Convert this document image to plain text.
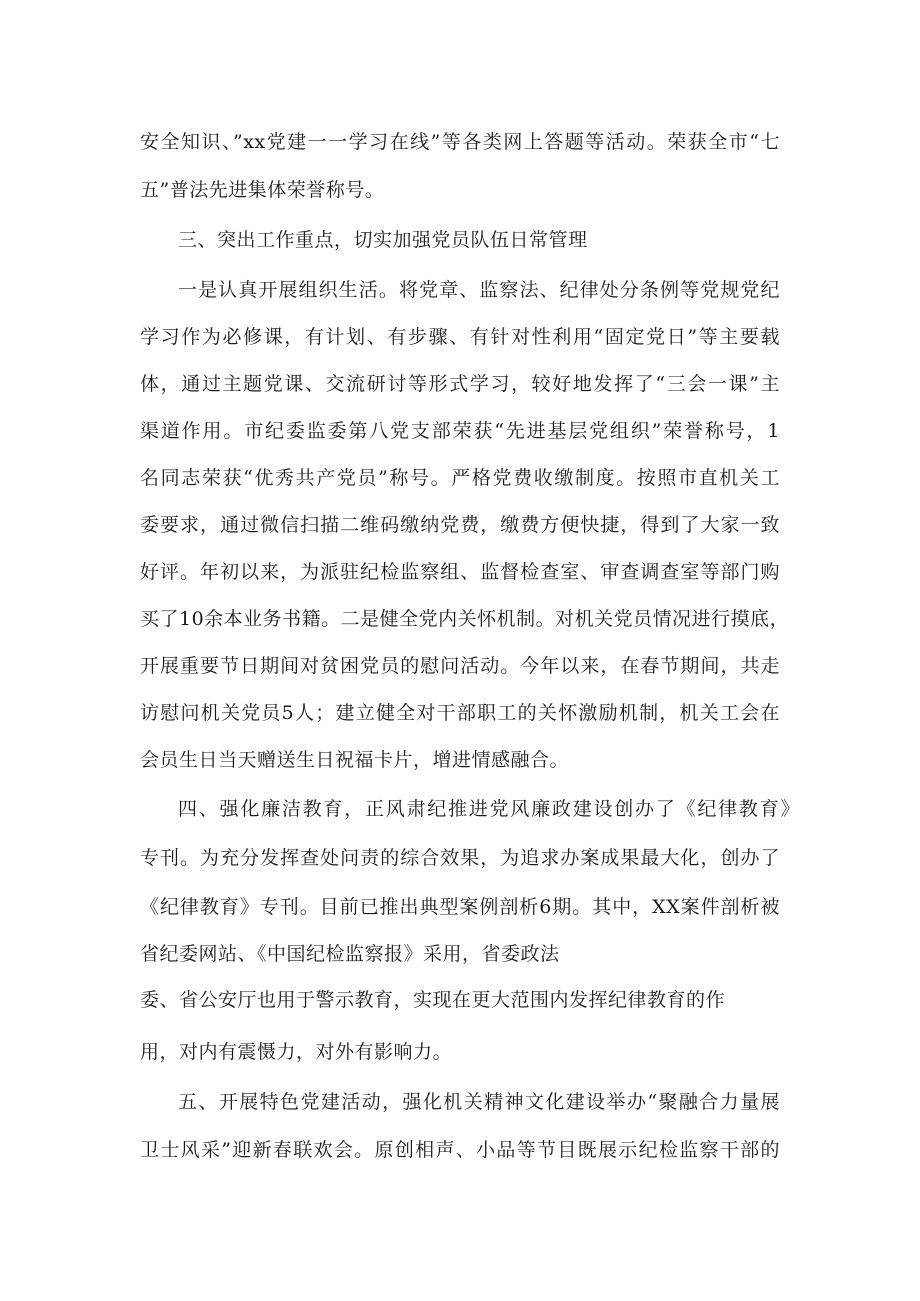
安全知识、”xx党建一一学习在线”等各类网上答题等活动。荣获全市“七
五”普法先进集体荣誉称号。
三、突出工作重点，切实加强党员队伍日常管理
一是认真开展组织生活。将党章、监察法、纪律处分条例等党规党纪
学习作为必修课，有计划、有步骤、有针对性利用“固定党日”等主要载
体，通过主题党课、交流研讨等形式学习，较好地发挥了“三会一课”主
渠道作用。市纪委监委第八党支部荣获“先进基层党组织”荣誉称号，1
名同志荣获“优秀共产党员”称号。严格党费收缴制度。按照市直机关工
委要求，通过微信扫描二维码缴纳党费，缴费方便快捷，得到了大家一致
好评。年初以来，为派驻纪检监察组、监督检查室、审查调查室等部门购
买了10余本业务书籍。二是健全党内关怀机制。对机关党员情况进行摸底，
开展重要节日期间对贫困党员的慰问活动。今年以来，在春节期间，共走
访慰问机关党员5人；建立健全对干部职工的关怀激励机制，机关工会在
会员生日当天赠送生日祝福卡片，增进情感融合。
四、强化廉洁教育，正风肃纪推进党风廉政建设创办了《纪律教育》
专刊。为充分发挥查处问责的综合效果，为追求办案成果最大化，创办了
《纪律教育》专刊。目前已推出典型案例剖析6期。其中，XX案件剖析被
省纪委网站、《中国纪检监察报》采用，省委政法
委、省公安厅也用于警示教育，实现在更大范围内发挥纪律教育的作
用，对内有震慑力，对外有影响力。
五、开展特色党建活动，强化机关精神文化建设举办“聚融合力量展
卫士风采”迎新春联欢会。原创相声、小品等节目既展示纪检监察干部的
